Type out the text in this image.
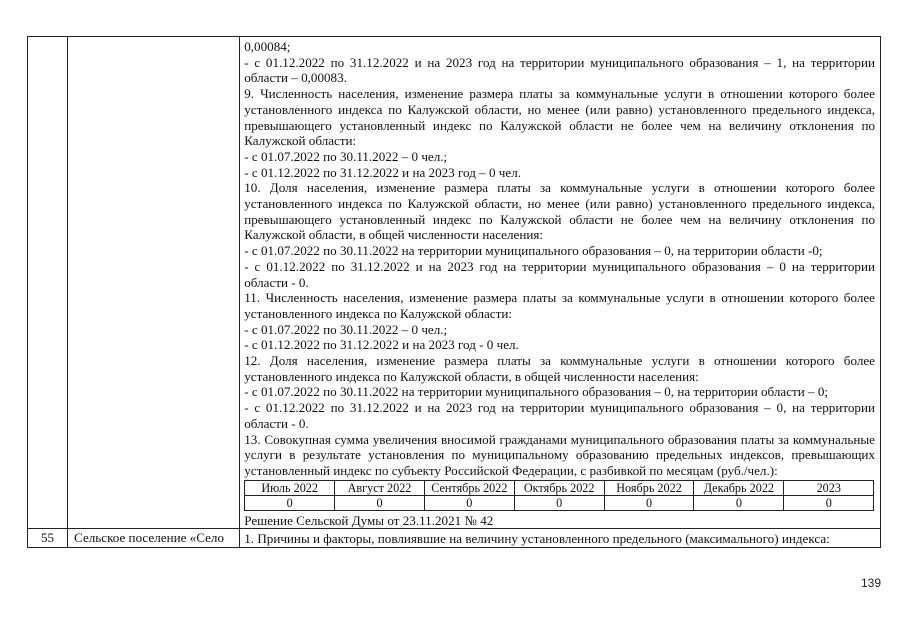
0,00084;

- с 01.12.2022 по 31.12.2022 и на 2023 год на территории муниципального образования – 1, на территории области – 0,00083.

9. Численность населения, изменение размера платы за коммунальные услуги в отношении которого более установленного индекса по Калужской области, но менее (или равно) установленного предельного индекса, превышающего установленный индекс по Калужской области не более чем на величину отклонения по Калужской области:

- с 01.07.2022 по 30.11.2022 – 0 чел.;

- с 01.12.2022 по 31.12.2022 и на 2023 год – 0 чел.

10. Доля населения, изменение размера платы за коммунальные услуги в отношении которого более установленного индекса по Калужской области, но менее (или равно) установленного предельного индекса, превышающего установленный индекс по Калужской области не более чем на величину отклонения по Калужской области, в общей численности населения:

- с 01.07.2022 по 30.11.2022 на территории муниципального образования – 0, на территории области -0;

- с 01.12.2022 по 31.12.2022 и на 2023 год на территории муниципального образования – 0 на территории области - 0.

11. Численность населения, изменение размера платы за коммунальные услуги в отношении которого более установленного индекса по Калужской области:

- с 01.07.2022 по 30.11.2022 – 0 чел.;

- с 01.12.2022 по 31.12.2022 и на 2023 год - 0 чел.

12. Доля населения, изменение размера платы за коммунальные услуги в отношении которого более установленного индекса по Калужской области, в общей численности населения:

- с 01.07.2022 по 30.11.2022 на территории муниципального образования – 0, на территории области – 0;

- с 01.12.2022 по 31.12.2022 и на 2023 год на территории муниципального образования – 0, на территории области - 0.

13. Совокупная сумма увеличения вносимой гражданами муниципального образования платы за коммунальные услуги в результате установления по муниципальному образованию предельных индексов, превышающих установленный индекс по субъекту Российской Федерации, с разбивкой по месяцам (руб./чел.):

Июль 2022	Август 2022	Сентябрь 2022	Октябрь 2022	Ноябрь 2022	Декабрь 2022	2023
0	0	0	0	0	0	0

Решение Сельской Думы от 23.11.2021 № 42

55	Сельское поселение «Село	1. Причины и факторы, повлиявшие на величину установленного предельного (максимального) индекса:

139
